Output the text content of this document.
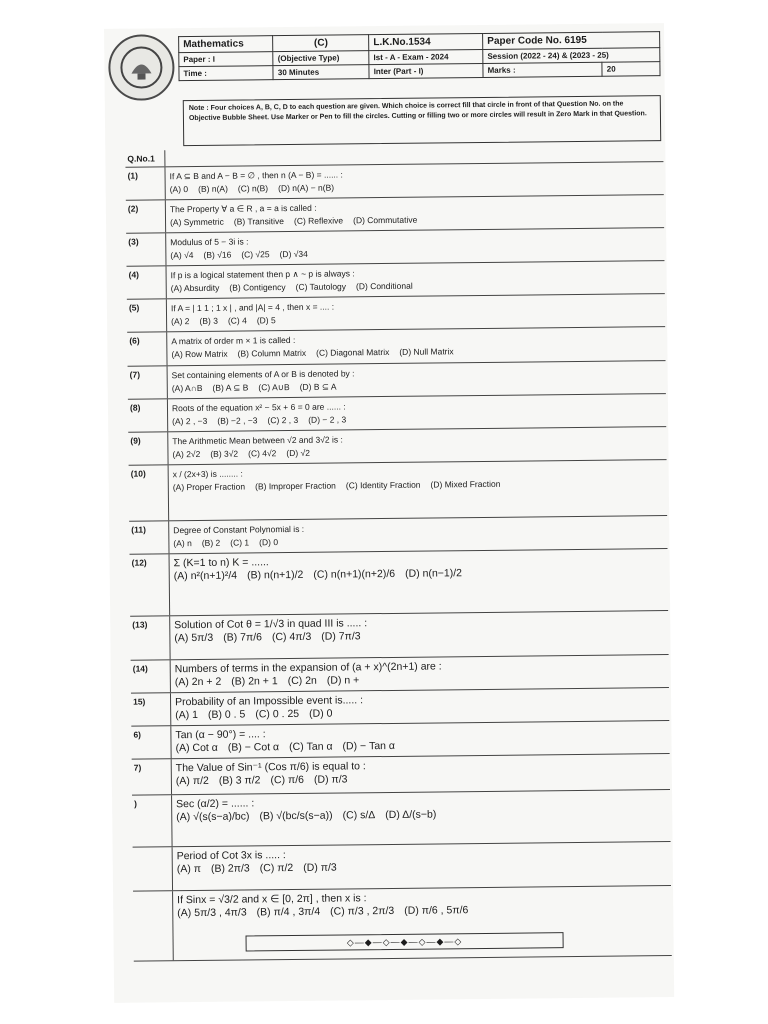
Mathematics	(C)	L.K.No.1534	Paper Code No. 6195	
Paper : I	(Objective Type)	Ist - A - Exam - 2024	Session (2022 - 24) & (2023 - 25)	
Time :	30 Minutes	Inter (Part - I)	Marks :	20
Note : Four choices A, B, C, D to each question are given. Which choice is correct fill that circle in front of that Question No. on the Objective Bubble Sheet. Use Marker or Pen to fill the circles. Cutting or filling two or more circles will result in Zero Mark in that Question.
Q.No.1
(1)	If A ⊆ B and A − B = ∅ , then n (A − B) = ...... :
(A) 0 (B) n(A) (C) n(B) (D) n(A) − n(B)
(2)	The Property ∀ a ∈ R , a = a is called :
(A) Symmetric (B) Transitive (C) Reflexive (D) Commutative
(3)	Modulus of 5 − 3i is :
(A) √4 (B) √16 (C) √25 (D) √34
(4)	If p is a logical statement then p ∧ ~ p is always :
(A) Absurdity (B) Contigency (C) Tautology (D) Conditional
(5)	If A = | 1 1 ; 1 x | , and |A| = 4 , then x = .... :
(A) 2 (B) 3 (C) 4 (D) 5
(6)	A matrix of order m × 1 is called :
(A) Row Matrix (B) Column Matrix (C) Diagonal Matrix (D) Null Matrix
(7)	Set containing elements of A or B is denoted by :
(A) A∩B (B) A ⊆ B (C) A∪B (D) B ⊆ A
(8)	Roots of the equation x² − 5x + 6 = 0 are ...... :
(A) 2 , −3 (B) −2 , −3 (C) 2 , 3 (D) − 2 , 3
(9)	The Arithmetic Mean between √2 and 3√2 is :
(A) 2√2 (B) 3√2 (C) 4√2 (D) √2
(10)	x / (2x+3) is ........ :
(A) Proper Fraction (B) Improper Fraction (C) Identity Fraction (D) Mixed Fraction
(11)	Degree of Constant Polynomial is :
(A) n (B) 2 (C) 1 (D) 0
(12)	Σ (K=1 to n) K = ......
(A) n²(n+1)²/4 (B) n(n+1)/2 (C) n(n+1)(n+2)/6 (D) n(n−1)/2
(13)	Solution of Cot θ = 1/√3 in quad III is ..... :
(A) 5π/3 (B) 7π/6 (C) 4π/3 (D) 7π/3
(14)	Numbers of terms in the expansion of (a + x)^(2n+1) are :
(A) 2n + 2 (B) 2n + 1 (C) 2n (D) n +
15)	Probability of an Impossible event is..... :
(A) 1 (B) 0 . 5 (C) 0 . 25 (D) 0
6)	Tan (α − 90°) = .... :
(A) Cot α (B) − Cot α (C) Tan α (D) − Tan α
7)	The Value of Sin⁻¹ (Cos π/6) is equal to :
(A) π/2 (B) 3 π/2 (C) π/6 (D) π/3
)	Sec (α/2) = ...... :
(A) √(s(s−a)/bc) (B) √(bc/s(s−a)) (C) s/Δ (D) Δ/(s−b)
Period of Cot 3x is ..... :
(A) π (B) 2π/3 (C) π/2 (D) π/3
If Sinx = √3/2 and x ∈ [0, 2π] , then x is :
(A) 5π/3 , 4π/3 (B) π/4 , 3π/4 (C) π/3 , 2π/3 (D) π/6 , 5π/6
◇—◆—◇—◆—◇—◆—◇
